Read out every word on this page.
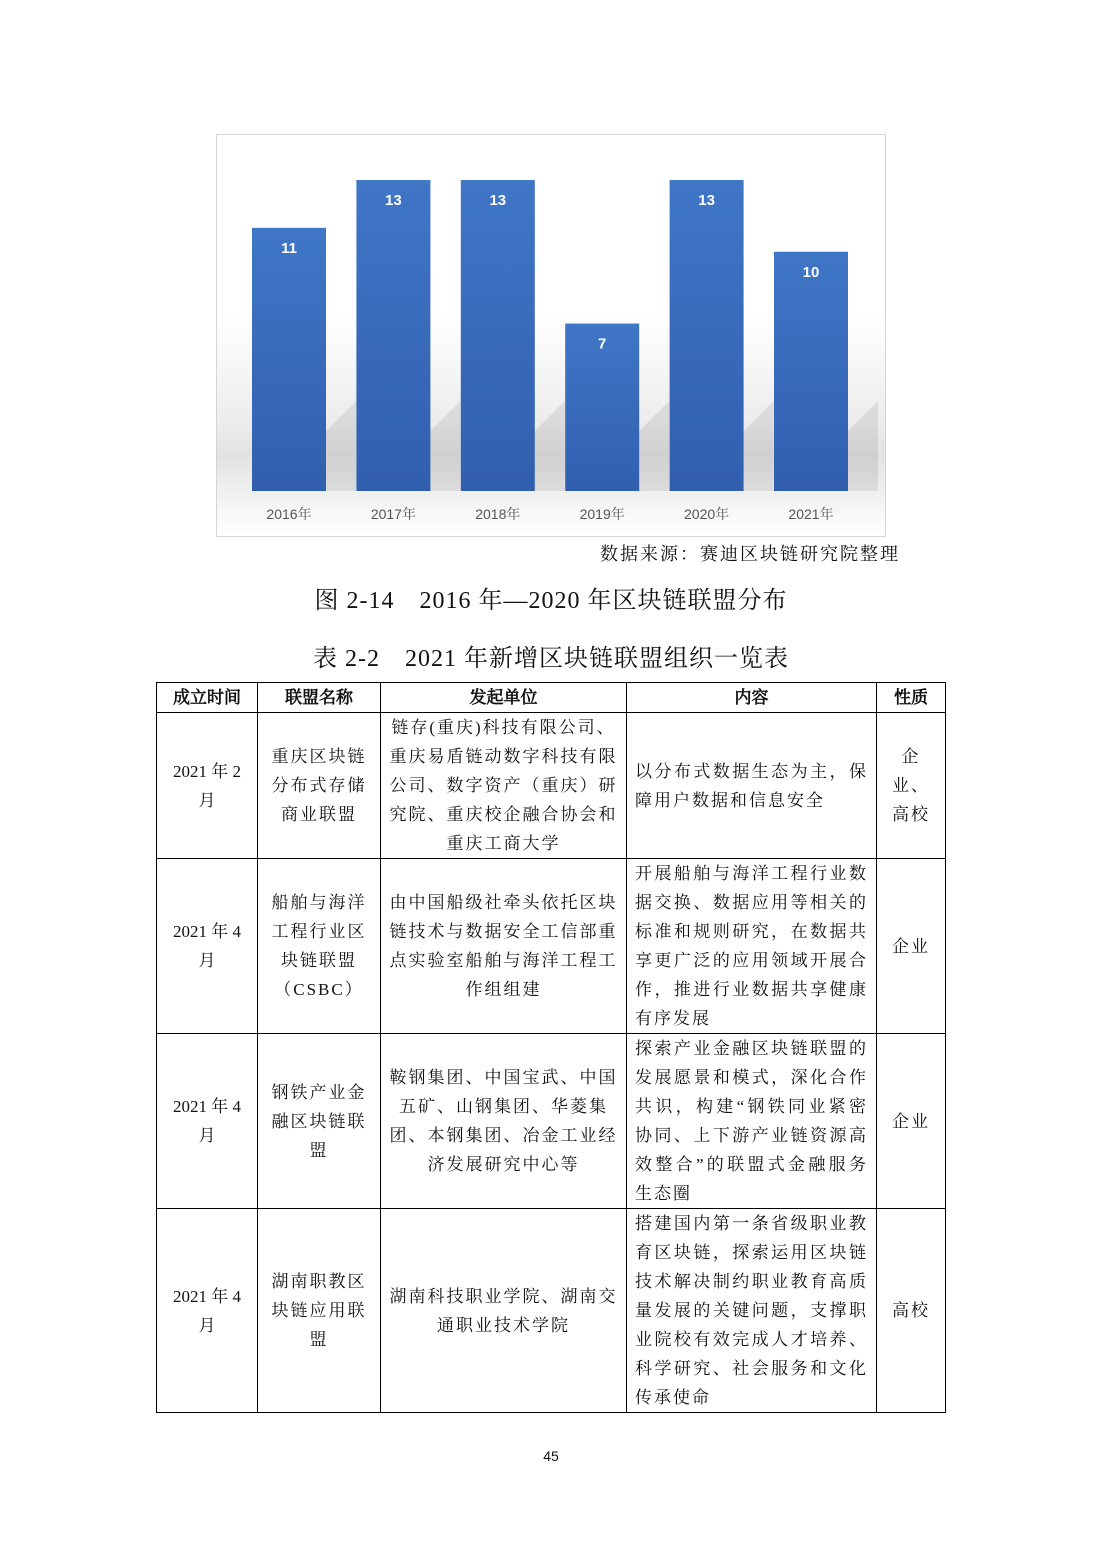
11
2016年
13
2017年
13
2018年
7
2019年
13
2020年
10
2021年
数据来源：赛迪区块链研究院整理
图 2-14　2016 年—2020 年区块链联盟分布
表 2-2　2021 年新增区块链联盟组织一览表
成立时间	联盟名称	发起单位	内容	性质
2021 年 2 月	重庆区块链分布式存储商业联盟	链存(重庆)科技有限公司、重庆易盾链动数字科技有限公司、数字资产（重庆）研究院、重庆校企融合协会和重庆工商大学	以分布式数据生态为主，保障用户数据和信息安全	企业、高校
2021 年 4 月	船舶与海洋工程行业区块链联盟（CSBC）	由中国船级社牵头依托区块链技术与数据安全工信部重点实验室船舶与海洋工程工作组组建	开展船舶与海洋工程行业数据交换、数据应用等相关的标准和规则研究，在数据共享更广泛的应用领域开展合作，推进行业数据共享健康有序发展	企业
2021 年 4 月	钢铁产业金融区块链联盟	鞍钢集团、中国宝武、中国五矿、山钢集团、华菱集团、本钢集团、冶金工业经济发展研究中心等	探索产业金融区块链联盟的发展愿景和模式，深化合作共识，构建“钢铁同业紧密协同、上下游产业链资源高效整合”的联盟式金融服务生态圈	企业
2021 年 4 月	湖南职教区块链应用联盟	湖南科技职业学院、湖南交通职业技术学院	搭建国内第一条省级职业教育区块链，探索运用区块链技术解决制约职业教育高质量发展的关键问题，支撑职业院校有效完成人才培养、科学研究、社会服务和文化传承使命	高校
45
